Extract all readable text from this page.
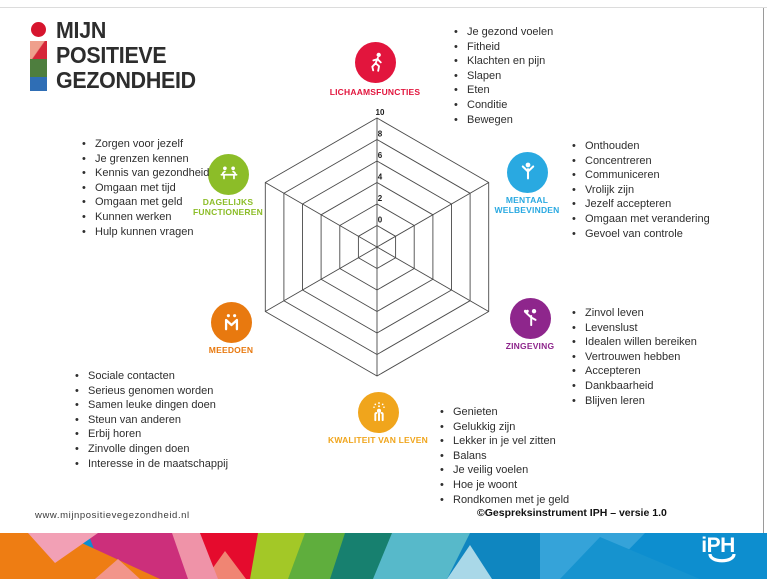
MIJN
POSITIEVE
GEZONDHEID
0
2
4
6
8
10
LICHAAMSFUNCTIES
MENTAAL
WELBEVINDEN
ZINGEVING
KWALITEIT VAN LEVEN
MEEDOEN
DAGELIJKS
FUNCTIONEREN
• Je gezond voelen
• Fitheid
• Klachten en pijn
• Slapen
• Eten
• Conditie
• Bewegen
• Onthouden
• Concentreren
• Communiceren
• Vrolijk zijn
• Jezelf accepteren
• Omgaan met verandering
• Gevoel van controle
• Zinvol leven
• Levenslust
• Idealen willen bereiken
• Vertrouwen hebben
• Accepteren
• Dankbaarheid
• Blijven leren
• Genieten
• Gelukkig zijn
• Lekker in je vel zitten
• Balans
• Je veilig voelen
• Hoe je woont
• Rondkomen met je geld
• Sociale contacten
• Serieus genomen worden
• Samen leuke dingen doen
• Steun van anderen
• Erbij horen
• Zinvolle dingen doen
• Interesse in de maatschappij
• Zorgen voor jezelf
• Je grenzen kennen
• Kennis van gezondheid
• Omgaan met tijd
• Omgaan met geld
• Kunnen werken
• Hulp kunnen vragen
www.mijnpositievegezondheid.nl	©Gespreksinstrument IPH – versie 1.0
iPH
